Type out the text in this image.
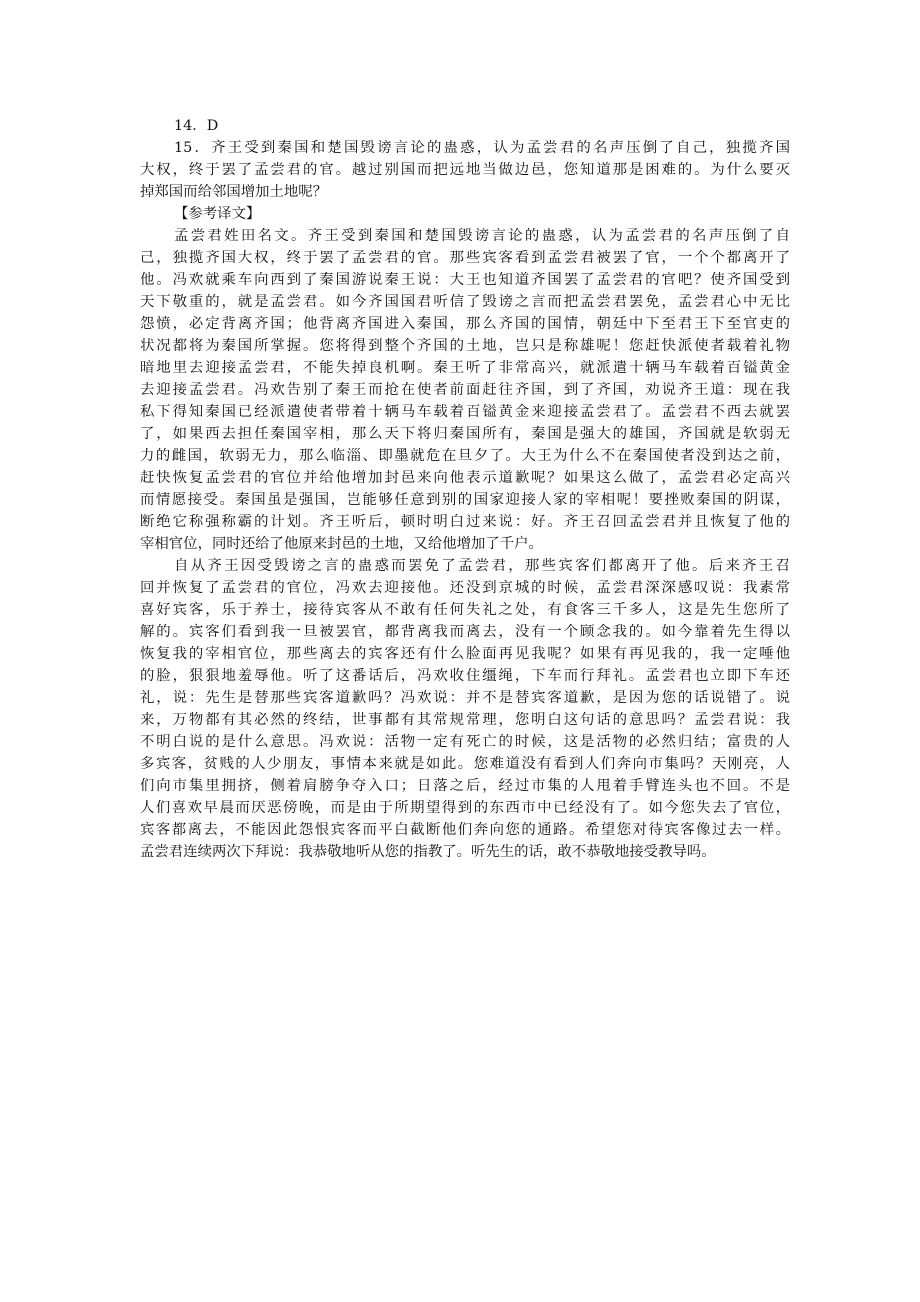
14．D

15．齐王受到秦国和楚国毁谤言论的蛊惑，认为孟尝君的名声压倒了自己，独揽齐国

大权，终于罢了孟尝君的官。越过别国而把远地当做边邑，您知道那是困难的。为什么要灭

掉郑国而给邻国增加土地呢？

【参考译文】

孟尝君姓田名文。齐王受到秦国和楚国毁谤言论的蛊惑，认为孟尝君的名声压倒了自

己，独揽齐国大权，终于罢了孟尝君的官。那些宾客看到孟尝君被罢了官，一个个都离开了

他。冯欢就乘车向西到了秦国游说秦王说：大王也知道齐国罢了孟尝君的官吧？使齐国受到

天下敬重的，就是孟尝君。如今齐国国君听信了毁谤之言而把孟尝君罢免，孟尝君心中无比

怨愤，必定背离齐国；他背离齐国进入秦国，那么齐国的国情，朝廷中下至君王下至官吏的

状况都将为秦国所掌握。您将得到整个齐国的土地，岂只是称雄呢！您赶快派使者载着礼物

暗地里去迎接孟尝君，不能失掉良机啊。秦王听了非常高兴，就派遣十辆马车载着百镒黄金

去迎接孟尝君。冯欢告别了秦王而抢在使者前面赶往齐国，到了齐国，劝说齐王道：现在我

私下得知秦国已经派遣使者带着十辆马车载着百镒黄金来迎接孟尝君了。孟尝君不西去就罢

了，如果西去担任秦国宰相，那么天下将归秦国所有，秦国是强大的雄国，齐国就是软弱无

力的雌国，软弱无力，那么临淄、即墨就危在旦夕了。大王为什么不在秦国使者没到达之前，

赶快恢复孟尝君的官位并给他增加封邑来向他表示道歉呢？如果这么做了，孟尝君必定高兴

而情愿接受。秦国虽是强国，岂能够任意到别的国家迎接人家的宰相呢！要挫败秦国的阴谋，

断绝它称强称霸的计划。齐王听后，顿时明白过来说：好。齐王召回孟尝君并且恢复了他的

宰相官位，同时还给了他原来封邑的土地，又给他增加了千户。

自从齐王因受毁谤之言的蛊惑而罢免了孟尝君，那些宾客们都离开了他。后来齐王召

回并恢复了孟尝君的官位，冯欢去迎接他。还没到京城的时候，孟尝君深深感叹说：我素常

喜好宾客，乐于养士，接待宾客从不敢有任何失礼之处，有食客三千多人，这是先生您所了

解的。宾客们看到我一旦被罢官，都背离我而离去，没有一个顾念我的。如今靠着先生得以

恢复我的宰相官位，那些离去的宾客还有什么脸面再见我呢？如果有再见我的，我一定唾他

的脸，狠狠地羞辱他。听了这番话后，冯欢收住缰绳，下车而行拜礼。孟尝君也立即下车还

礼，说：先生是替那些宾客道歉吗？冯欢说：并不是替宾客道歉，是因为您的话说错了。说

来，万物都有其必然的终结，世事都有其常规常理，您明白这句话的意思吗？孟尝君说：我

不明白说的是什么意思。冯欢说：活物一定有死亡的时候，这是活物的必然归结；富贵的人

多宾客，贫贱的人少朋友，事情本来就是如此。您难道没有看到人们奔向市集吗？天刚亮，人

们向市集里拥挤，侧着肩膀争夺入口；日落之后，经过市集的人甩着手臂连头也不回。不是

人们喜欢早晨而厌恶傍晚，而是由于所期望得到的东西市中已经没有了。如今您失去了官位，

宾客都离去，不能因此怨恨宾客而平白截断他们奔向您的通路。希望您对待宾客像过去一样。

孟尝君连续两次下拜说：我恭敬地听从您的指教了。听先生的话，敢不恭敬地接受教导吗。
